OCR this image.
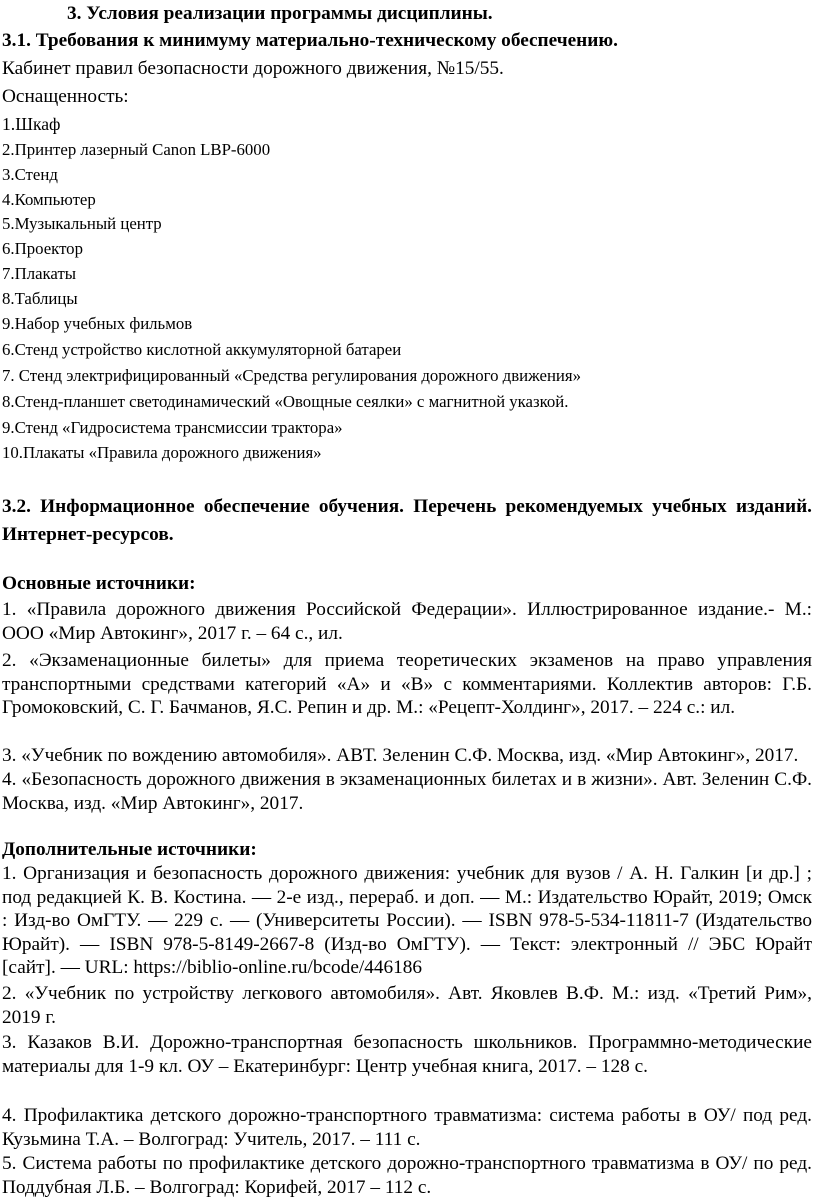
3. Условия реализации программы дисциплины.
3.1. Требования к минимуму материально-техническому обеспечению.
Кабинет правил безопасности дорожного движения, №15/55.
Оснащенность:
1.Шкаф
2.Принтер лазерный Canon LBP-6000
3.Стенд
4.Компьютер
5.Музыкальный центр
6.Проектор
7.Плакаты
8.Таблицы
9.Набор учебных фильмов
6.Стенд устройство кислотной аккумуляторной батареи
7. Стенд электрифицированный «Средства регулирования дорожного движения»
8.Стенд-планшет светодинамический «Овощные сеялки» с магнитной указкой.
9.Стенд «Гидросистема трансмиссии трактора»
10.Плакаты «Правила дорожного движения»
3.2. Информационное обеспечение обучения. Перечень рекомендуемых учебных изданий. Интернет-ресурсов.
Основные источники:
1. «Правила дорожного движения Российской Федерации». Иллюстрированное издание.- М.: ООО «Мир Автокинг», 2017 г. – 64 с., ил.
2. «Экзаменационные билеты» для приема теоретических экзаменов на право управления транспортными средствами категорий «А» и «В» с комментариями. Коллектив авторов: Г.Б. Громоковский, С. Г. Бачманов, Я.С. Репин и др. М.: «Рецепт-Холдинг», 2017. – 224 с.: ил.
3. «Учебник по вождению автомобиля». АВТ. Зеленин С.Ф. Москва, изд. «Мир Автокинг», 2017.
4. «Безопасность дорожного движения в экзаменационных билетах и в жизни». Авт. Зеленин С.Ф. Москва, изд. «Мир Автокинг», 2017.
Дополнительные источники:
1. Организация и безопасность дорожного движения: учебник для вузов / А. Н. Галкин [и др.] ; под редакцией К. В. Костина. — 2-е изд., перераб. и доп. — М.: Издательство Юрайт, 2019; Омск : Изд-во ОмГТУ. — 229 с. — (Университеты России). — ISBN 978-5-534-11811-7 (Издательство Юрайт). — ISBN 978-5-8149-2667-8 (Изд-во ОмГТУ). — Текст: электронный // ЭБС Юрайт [сайт]. — URL: https://biblio-online.ru/bcode/446186
2. «Учебник по устройству легкового автомобиля». Авт. Яковлев В.Ф. М.: изд. «Третий Рим», 2019 г.
3. Казаков В.И. Дорожно-транспортная безопасность школьников. Программно-методические материалы для 1-9 кл. ОУ – Екатеринбург: Центр учебная книга, 2017. – 128 с.
4. Профилактика детского дорожно-транспортного травматизма: система работы в ОУ/ под ред. Кузьмина Т.А. – Волгоград: Учитель, 2017. – 111 с.
5. Система работы по профилактике детского дорожно-транспортного травматизма в ОУ/ по ред. Поддубная Л.Б. – Волгоград: Корифей, 2017 – 112 с.
